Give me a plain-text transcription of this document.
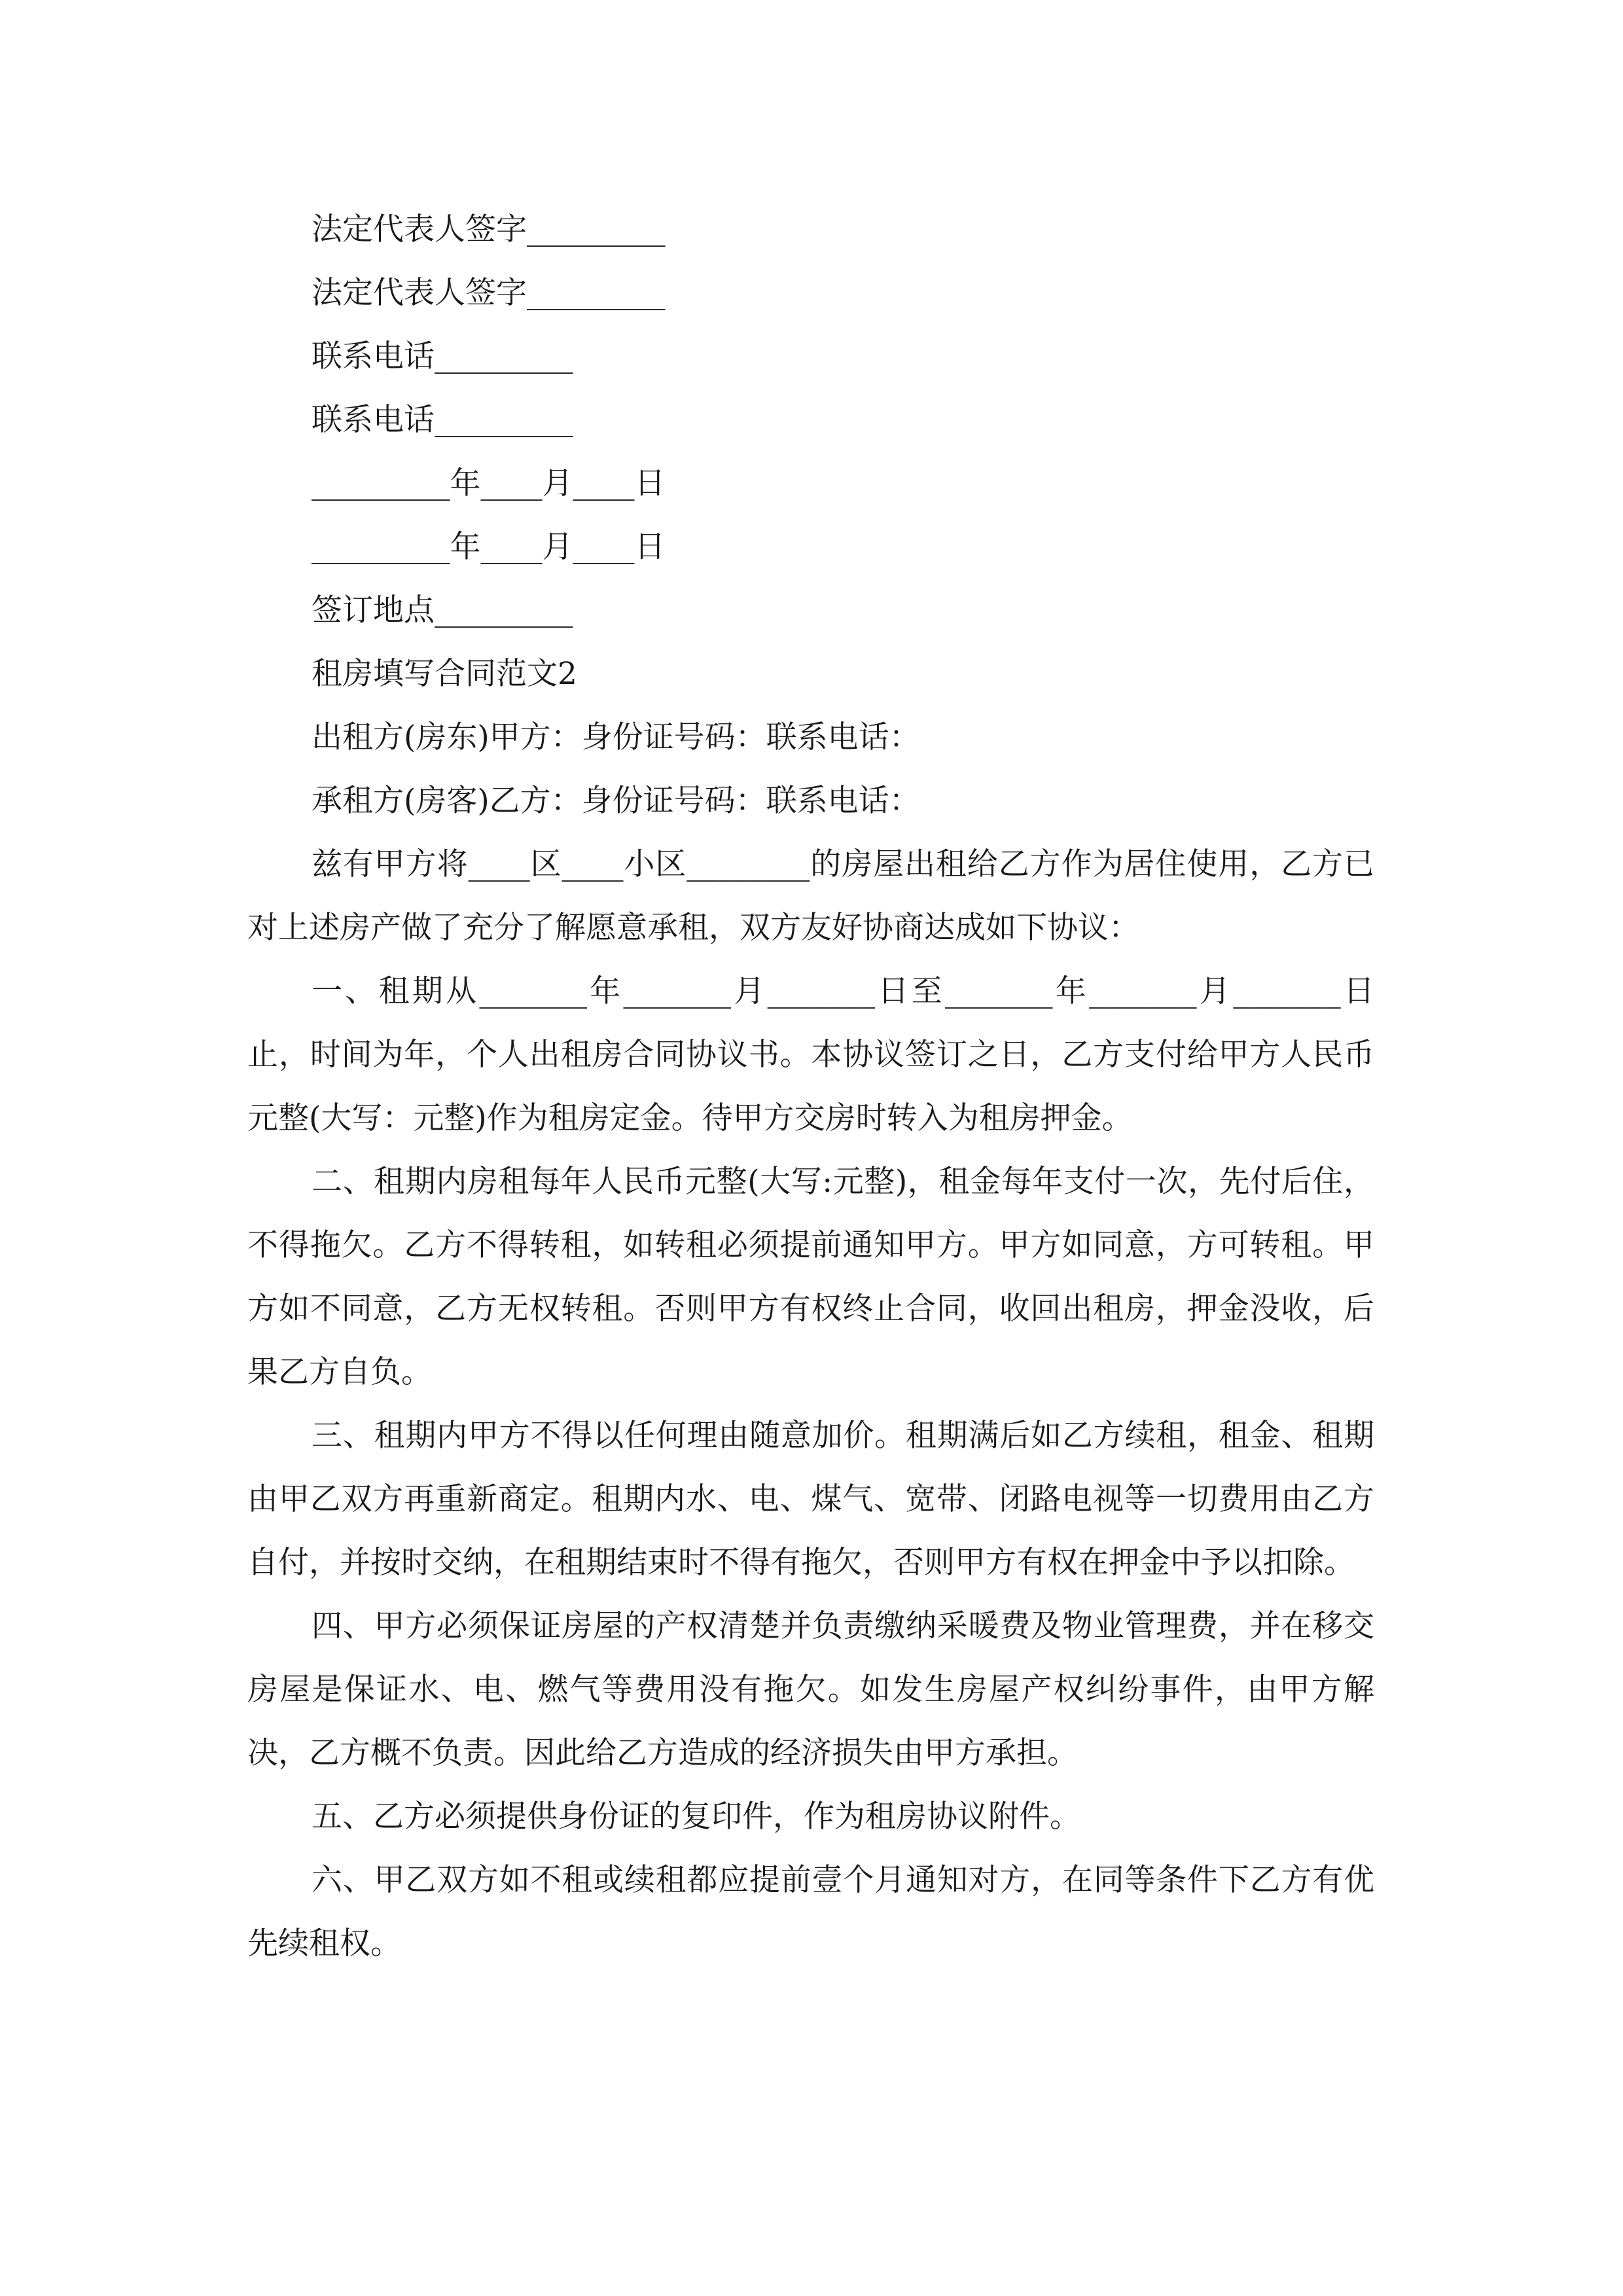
法定代表人签字_________

法定代表人签字_________

联系电话_________

联系电话_________

_________年____月____日

_________年____月____日

签订地点_________

租房填写合同范文2

出租方(房东)甲方：身份证号码：联系电话：

承租方(房客)乙方：身份证号码：联系电话：

兹有甲方将____区____小区________的房屋出租给乙方作为居住使用，乙方已对上述房产做了充分了解愿意承租，双方友好协商达成如下协议：

一、租期从_______年_______月_______日至_______年_______月_______日止，时间为年，个人出租房合同协议书。本协议签订之日，乙方支付给甲方人民币元整(大写：元整)作为租房定金。待甲方交房时转入为租房押金。

二、租期内房租每年人民币元整(大写:元整)，租金每年支付一次，先付后住，不得拖欠。乙方不得转租，如转租必须提前通知甲方。甲方如同意，方可转租。甲方如不同意，乙方无权转租。否则甲方有权终止合同，收回出租房，押金没收，后果乙方自负。

三、租期内甲方不得以任何理由随意加价。租期满后如乙方续租，租金、租期由甲乙双方再重新商定。租期内水、电、煤气、宽带、闭路电视等一切费用由乙方自付，并按时交纳，在租期结束时不得有拖欠，否则甲方有权在押金中予以扣除。

四、甲方必须保证房屋的产权清楚并负责缴纳采暖费及物业管理费，并在移交房屋是保证水、电、燃气等费用没有拖欠。如发生房屋产权纠纷事件，由甲方解决，乙方概不负责。因此给乙方造成的经济损失由甲方承担。

五、乙方必须提供身份证的复印件，作为租房协议附件。

六、甲乙双方如不租或续租都应提前壹个月通知对方，在同等条件下乙方有优先续租权。
